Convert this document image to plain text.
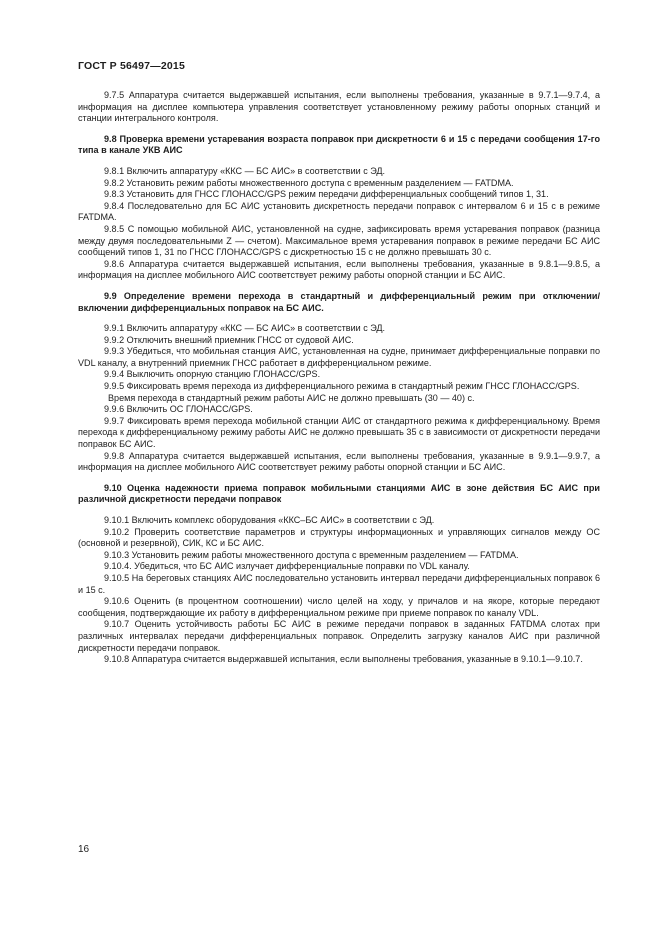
ГОСТ Р 56497—2015

9.7.5 Аппаратура считается выдержавшей испытания, если выполнены требования, указанные в 9.7.1—9.7.4, а информация на дисплее компьютера управления соответствует установленному режиму работы опорных станций и станции интегрального контроля.

9.8 Проверка времени устаревания возраста поправок при дискретности 6 и 15 с передачи сообщения 17-го типа в канале УКВ АИС

9.8.1 Включить аппаратуру «ККС — БС АИС» в соответствии с ЭД.

9.8.2 Установить режим работы множественного доступа с временным разделением — FATDMA.

9.8.3 Установить для ГНСС ГЛОНАСС/GPS режим передачи дифференциальных сообщений типов 1, 31.

9.8.4 Последовательно для БС АИС установить дискретность передачи поправок с интервалом 6 и 15 с в режиме FATDMA.

9.8.5 С помощью мобильной АИС, установленной на судне, зафиксировать время устаревания поправок (разница между двумя последовательными Z — счетом). Максимальное время устаревания поправок в режиме передачи БС АИС сообщений типов 1, 31 по ГНСС ГЛОНАСС/GPS с дискретностью 15 с не должно превышать 30 с.

9.8.6 Аппаратура считается выдержавшей испытания, если выполнены требования, указанные в 9.8.1—9.8.5, а информация на дисплее мобильного АИС соответствует режиму работы опорной станции и БС АИС.

9.9 Определение времени перехода в стандартный и дифференциальный режим при отключении/включении дифференциальных поправок на БС АИС.

9.9.1 Включить аппаратуру «ККС — БС АИС» в соответствии с ЭД.

9.9.2 Отключить внешний приемник ГНСС от судовой АИС.

9.9.3 Убедиться, что мобильная станция АИС, установленная на судне, принимает дифференциальные поправки по VDL каналу, а внутренний приемник ГНСС работает в дифференциальном режиме.

9.9.4 Выключить опорную станцию ГЛОНАСС/GPS.

9.9.5 Фиксировать время перехода из дифференциального режима в стандартный режим ГНСС ГЛОНАСС/GPS.

Время перехода в стандартный режим работы АИС не должно превышать (30 — 40) с.

9.9.6 Включить ОС ГЛОНАСС/GPS.

9.9.7 Фиксировать время перехода мобильной станции АИС от стандартного режима к дифференциальному. Время перехода к дифференциальному режиму работы АИС не должно превышать 35 с в зависимости от дискретности передачи поправок БС АИС.

9.9.8 Аппаратура считается выдержавшей испытания, если выполнены требования, указанные в 9.9.1—9.9.7, а информация на дисплее мобильного АИС соответствует режиму работы опорной станции и БС АИС.

9.10 Оценка надежности приема поправок мобильными станциями АИС в зоне действия БС АИС при различной дискретности передачи поправок

9.10.1 Включить комплекс оборудования «ККС–БС АИС» в соответствии с ЭД.

9.10.2 Проверить соответствие параметров и структуры информационных и управляющих сигналов между ОС (основной и резервной), СИК, КС и БС АИС.

9.10.3 Установить режим работы множественного доступа с временным разделением — FATDMA.

9.10.4. Убедиться, что БС АИС излучает дифференциальные поправки по VDL каналу.

9.10.5 На береговых станциях АИС последовательно установить интервал передачи дифференциальных поправок 6 и 15 с.

9.10.6 Оценить (в процентном соотношении) число целей на ходу, у причалов и на якоре, которые передают сообщения, подтверждающие их работу в дифференциальном режиме при приеме поправок по каналу VDL.

9.10.7 Оценить устойчивость работы БС АИС в режиме передачи поправок в заданных FATDMA слотах при различных интервалах передачи дифференциальных поправок. Определить загрузку каналов АИС при различной дискретности передачи поправок.

9.10.8 Аппаратура считается выдержавшей испытания, если выполнены требования, указанные в 9.10.1—9.10.7.

16
